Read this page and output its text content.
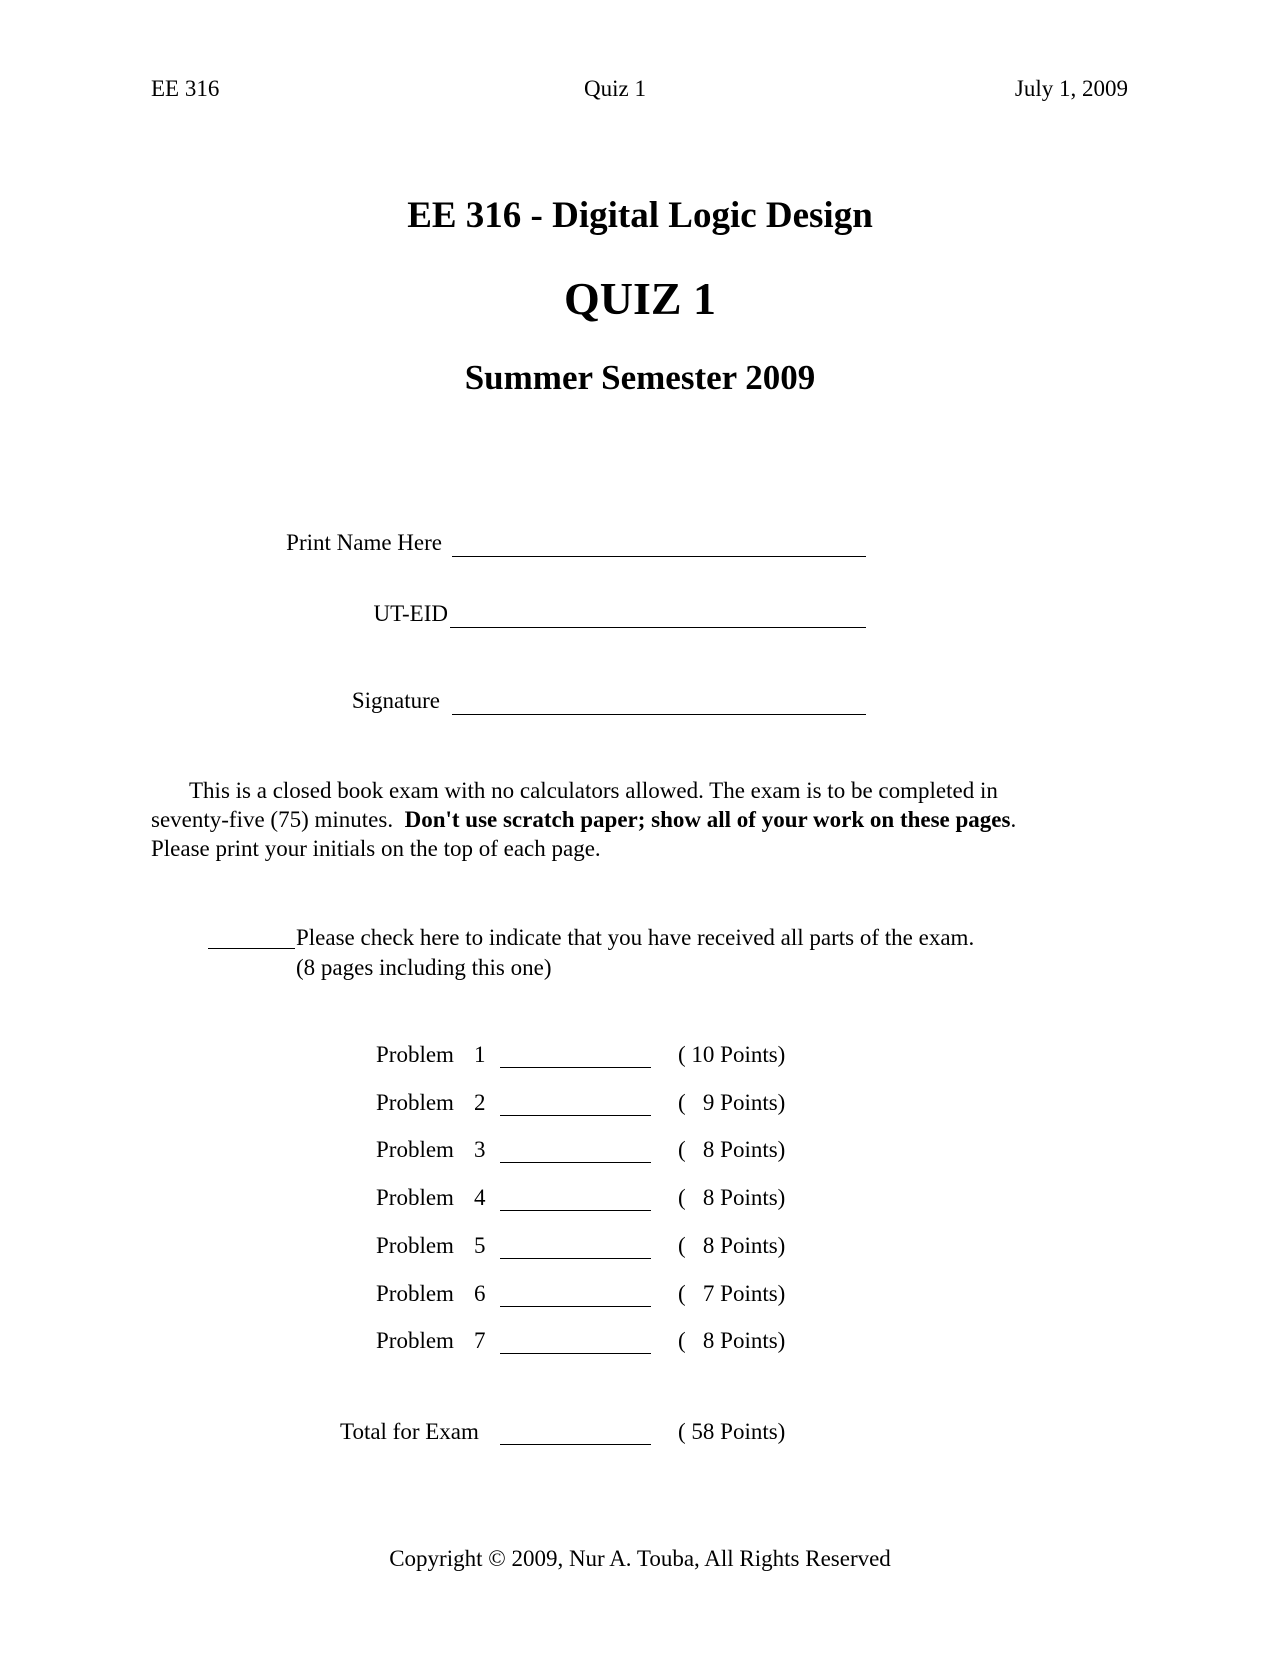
EE 316	Quiz 1	July 1, 2009
EE 316 - Digital Logic Design
QUIZ 1
Summer Semester 2009
Print Name Here
UT-EID
Signature

This is a closed book exam with no calculators allowed. The exam is to be completed in

seventy-five (75) minutes. Don't use scratch paper; show all of your work on these pages.

Please print your initials on the top of each page.

Please check here to indicate that you have received all parts of the exam.
(8 pages including this one)
Problem 1	( 10 Points)
Problem 2	(   9 Points)
Problem 3	(   8 Points)
Problem 4	(   8 Points)
Problem 5	(   8 Points)
Problem 6	(   7 Points)
Problem 7	(   8 Points)
Total for Exam	( 58 Points)
Copyright © 2009, Nur A. Touba, All Rights Reserved
